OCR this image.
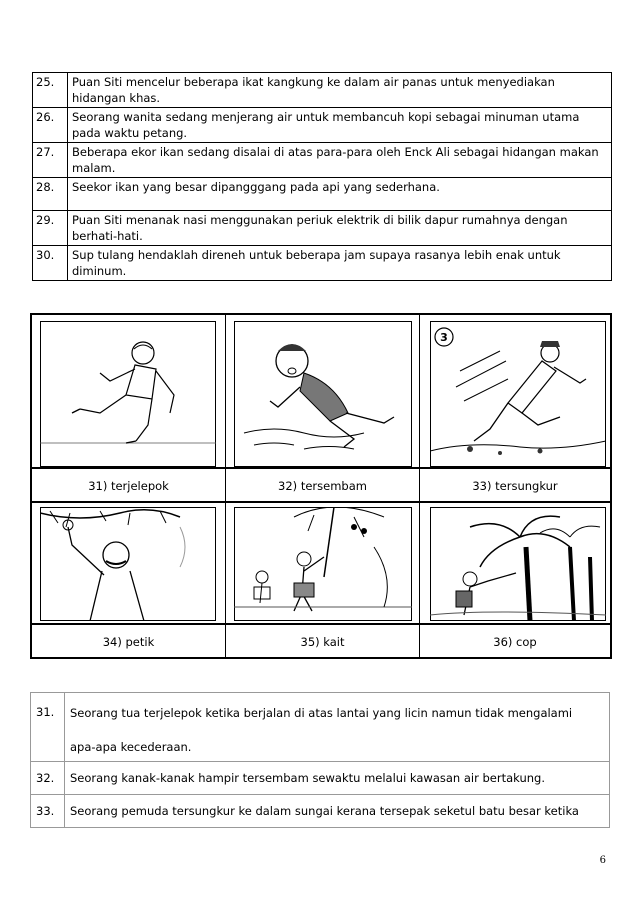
25.	Puan Siti mencelur beberapa ikat kangkung ke dalam air panas untuk menyediakan hidangan khas.
26.	Seorang wanita sedang menjerang air untuk membancuh kopi sebagai minuman utama pada waktu petang.
27.	Beberapa ekor ikan sedang disalai di atas para-para oleh Enck Ali sebagai hidangan makan malam.
28.	Seekor ikan yang besar dipangggang pada api yang sederhana.
29.	Puan Siti menanak nasi menggunakan periuk elektrik di bilik dapur rumahnya dengan berhati-hati.
30.	Sup tulang hendaklah direneh untuk beberapa jam supaya rasanya lebih enak untuk diminum.
3
31) terjelepok	32) tersembam	33) tersungkur
34) petik	35) kait	36) cop
31.	Seorang tua terjelepok ketika berjalan di atas lantai yang licin namun tidak mengalami
apa-apa kecederaan.

32.	Seorang kanak-kanak hampir tersembam sewaktu melalui kawasan air bertakung.
33.	Seorang pemuda tersungkur ke dalam sungai kerana tersepak seketul batu besar ketika
6
